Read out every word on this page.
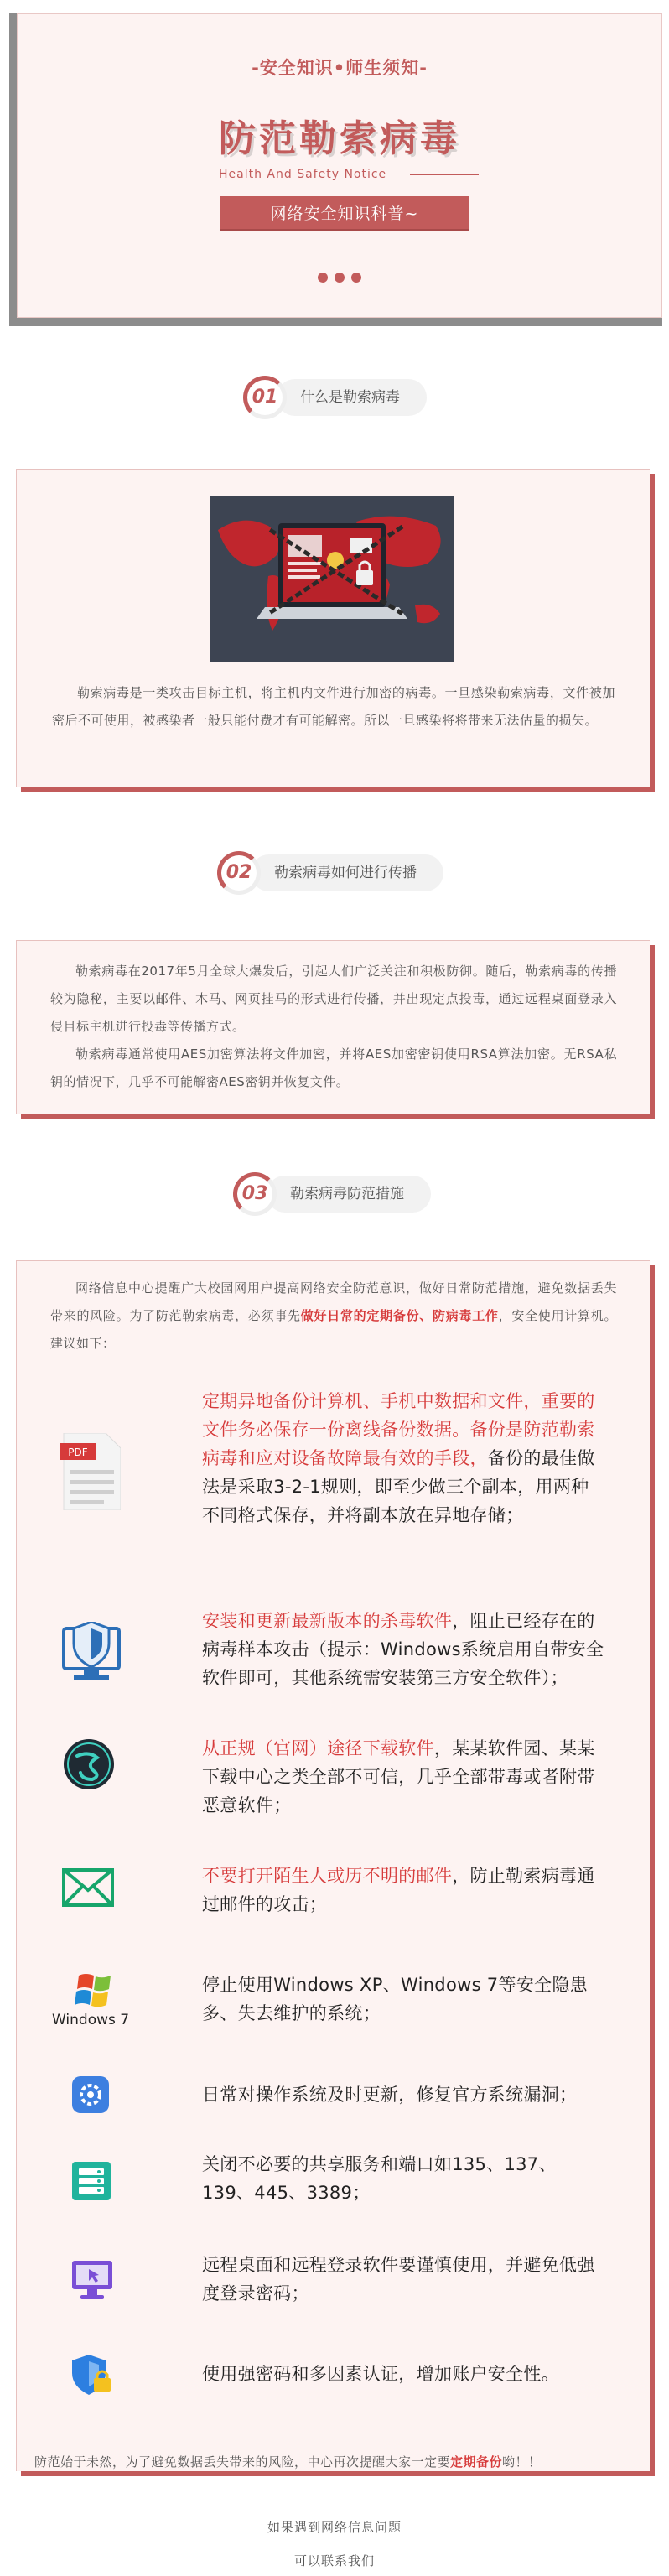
-安全知识•师生须知-
防范勒索病毒
Health And Safety Notice
网络安全知识科普~
什么是勒索病毒
01
勒索病毒是一类攻击目标主机，将主机内文件进行加密的病毒。一旦感染勒索病毒，文件被加密后不可使用，被感染者一般只能付费才有可能解密。所以一旦感染将将带来无法估量的损失。
勒索病毒如何进行传播
02
勒索病毒在2017年5月全球大爆发后，引起人们广泛关注和积极防御。随后，勒索病毒的传播较为隐秘，主要以邮件、木马、网页挂马的形式进行传播，并出现定点投毒，通过远程桌面登录入侵目标主机进行投毒等传播方式。
勒索病毒通常使用AES加密算法将文件加密，并将AES加密密钥使用RSA算法加密。无RSA私钥的情况下，几乎不可能解密AES密钥并恢复文件。
勒索病毒防范措施
03
网络信息中心提醒广大校园网用户提高网络安全防范意识，做好日常防范措施，避免数据丢失带来的风险。为了防范勒索病毒，必须事先做好日常的定期备份、防病毒工作，安全使用计算机。建议如下：
PDF
定期异地备份计算机、手机中数据和文件，重要的文件务必保存一份离线备份数据。备份是防范勒索病毒和应对设备故障最有效的手段，备份的最佳做法是采取3-2-1规则，即至少做三个副本，用两种不同格式保存，并将副本放在异地存储；
安装和更新最新版本的杀毒软件，阻止已经存在的病毒样本攻击（提示：Windows系统启用自带安全软件即可，其他系统需安装第三方安全软件）；
从正规（官网）途径下载软件，某某软件园、某某下载中心之类全部不可信，几乎全部带毒或者附带恶意软件；
不要打开陌生人或历不明的邮件，防止勒索病毒通过邮件的攻击；
Windows 7
停止使用Windows XP、Windows 7等安全隐患多、失去维护的系统；
日常对操作系统及时更新，修复官方系统漏洞；
关闭不必要的共享服务和端口如135、137、139、445、3389；
远程桌面和远程登录软件要谨慎使用，并避免低强度登录密码；
使用强密码和多因素认证，增加账户安全性。
防范始于未然，为了避免数据丢失带来的风险，中心再次提醒大家一定要定期备份哟！！
如果遇到网络信息问题
可以联系我们
